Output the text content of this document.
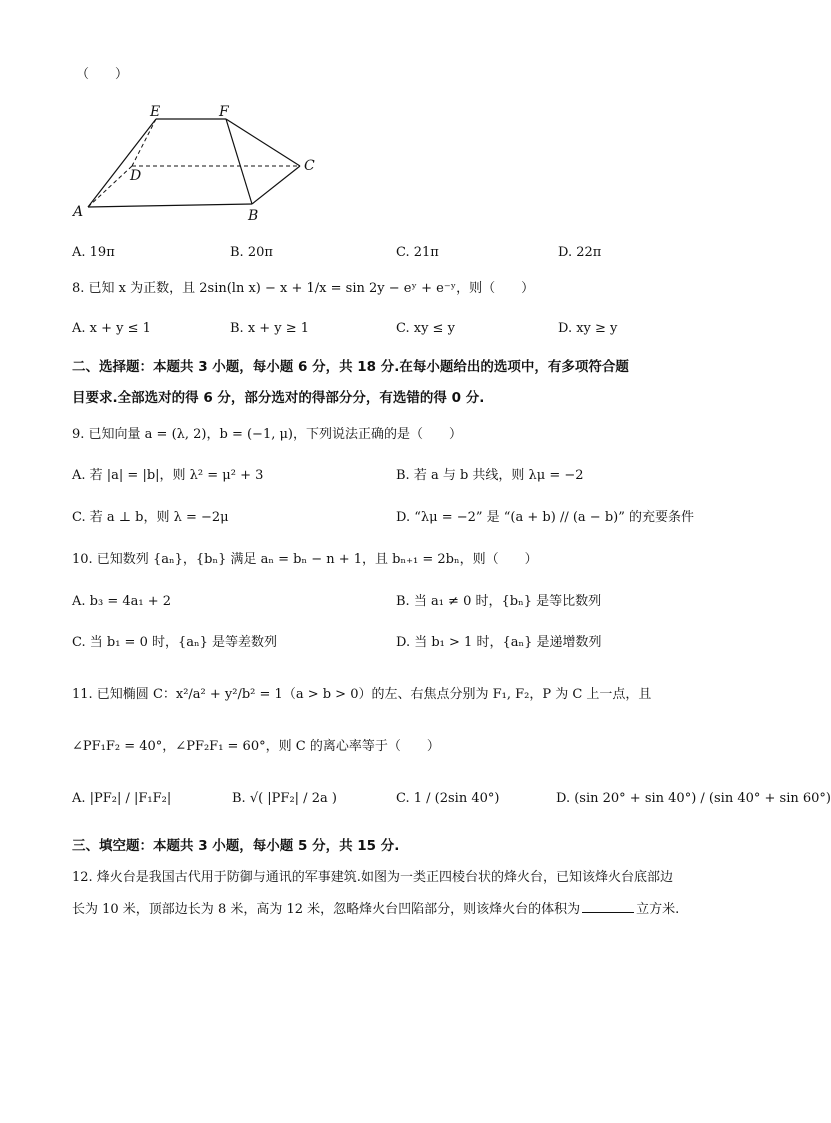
（　　）
E	F
C
D
A	B
A. 19π	B. 20π	C. 21π	D. 22π
8. 已知 x 为正数，且 2sin(ln x) − x + 1/x = sin 2y − eʸ + e⁻ʸ，则（　　）
A. x + y ≤ 1	B. x + y ≥ 1	C. xy ≤ y	D. xy ≥ y
二、选择题：本题共 3 小题，每小题 6 分，共 18 分.在每小题给出的选项中，有多项符合题
目要求.全部选对的得 6 分，部分选对的得部分分，有选错的得 0 分.
9. 已知向量 a = (λ, 2)，b = (−1, μ)，下列说法正确的是（　　）
A. 若 |a| = |b|，则 λ² = μ² + 3	B. 若 a 与 b 共线，则 λμ = −2
C. 若 a ⊥ b，则 λ = −2μ	D. “λμ = −2” 是 “(a + b) // (a − b)” 的充要条件
10. 已知数列 {aₙ}，{bₙ} 满足 aₙ = bₙ − n + 1，且 bₙ₊₁ = 2bₙ，则（　　）
A. b₃ = 4a₁ + 2	B. 当 a₁ ≠ 0 时，{bₙ} 是等比数列
C. 当 b₁ = 0 时，{aₙ} 是等差数列	D. 当 b₁ > 1 时，{aₙ} 是递增数列
11. 已知椭圆 C：x²/a² + y²/b² = 1（a > b > 0）的左、右焦点分别为 F₁, F₂，P 为 C 上一点，且
∠PF₁F₂ = 40°，∠PF₂F₁ = 60°，则 C 的离心率等于（　　）
A. |PF₂| / |F₁F₂|	B. √( |PF₂| / 2a )	C. 1 / (2sin 40°)	D. (sin 20° + sin 40°) / (sin 40° + sin 60°)
三、填空题：本题共 3 小题，每小题 5 分，共 15 分.
12. 烽火台是我国古代用于防御与通讯的军事建筑.如图为一类正四棱台状的烽火台，已知该烽火台底部边
长为 10 米，顶部边长为 8 米，高为 12 米，忽略烽火台凹陷部分，则该烽火台的体积为	立方米.
